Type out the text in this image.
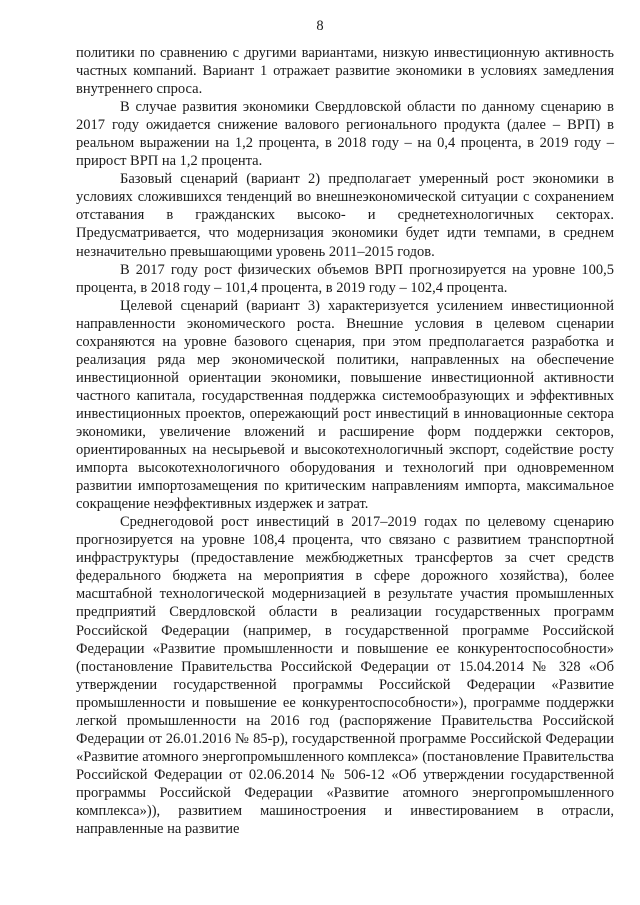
8

политики по сравнению с другими вариантами, низкую инвестиционную активность частных компаний. Вариант 1 отражает развитие экономики в условиях замедления внутреннего спроса.

В случае развития экономики Свердловской области по данному сценарию в 2017 году ожидается снижение валового регионального продукта (далее – ВРП) в реальном выражении на 1,2 процента, в 2018 году – на 0,4 процента, в 2019 году – прирост ВРП на 1,2 процента.

Базовый сценарий (вариант 2) предполагает умеренный рост экономики в условиях сложившихся тенденций во внешнеэкономической ситуации с сохранением отставания в гражданских высоко- и среднетехнологичных секторах. Предусматривается, что модернизация экономики будет идти темпами, в среднем незначительно превышающими уровень 2011–2015 годов.

В 2017 году рост физических объемов ВРП прогнозируется на уровне 100,5 процента, в 2018 году – 101,4 процента, в 2019 году – 102,4 процента.

Целевой сценарий (вариант 3) характеризуется усилением инвестиционной направленности экономического роста. Внешние условия в целевом сценарии сохраняются на уровне базового сценария, при этом предполагается разработка и реализация ряда мер экономической политики, направленных на обеспечение инвестиционной ориентации экономики, повышение инвестиционной активности частного капитала, государственная поддержка системообразующих и эффективных инвестиционных проектов, опережающий рост инвестиций в инновационные сектора экономики, увеличение вложений и расширение форм поддержки секторов, ориентированных на несырьевой и высокотехнологичный экспорт, содействие росту импорта высокотехнологичного оборудования и технологий при одновременном развитии импортозамещения по критическим направлениям импорта, максимальное сокращение неэффективных издержек и затрат.

Среднегодовой рост инвестиций в 2017–2019 годах по целевому сценарию прогнозируется на уровне 108,4 процента, что связано с развитием транспортной инфраструктуры (предоставление межбюджетных трансфертов за счет средств федерального бюджета на мероприятия в сфере дорожного хозяйства), более масштабной технологической модернизацией в результате участия промышленных предприятий Свердловской области в реализации государственных программ Российской Федерации (например, в государственной программе Российской Федерации «Развитие промышленности и повышение ее конкурентоспособности» (постановление Правительства Российской Федерации от 15.04.2014 № 328 «Об утверждении государственной программы Российской Федерации «Развитие промышленности и повышение ее конкурентоспособности»), программе поддержки легкой промышленности на 2016 год (распоряжение Правительства Российской Федерации от 26.01.2016 № 85-р), государственной программе Российской Федерации «Развитие атомного энергопромышленного комплекса» (постановление Правительства Российской Федерации от 02.06.2014 № 506-12 «Об утверждении государственной программы Российской Федерации «Развитие атомного энергопромышленного комплекса»)), развитием машиностроения и инвестированием в отрасли, направленные на развитие
